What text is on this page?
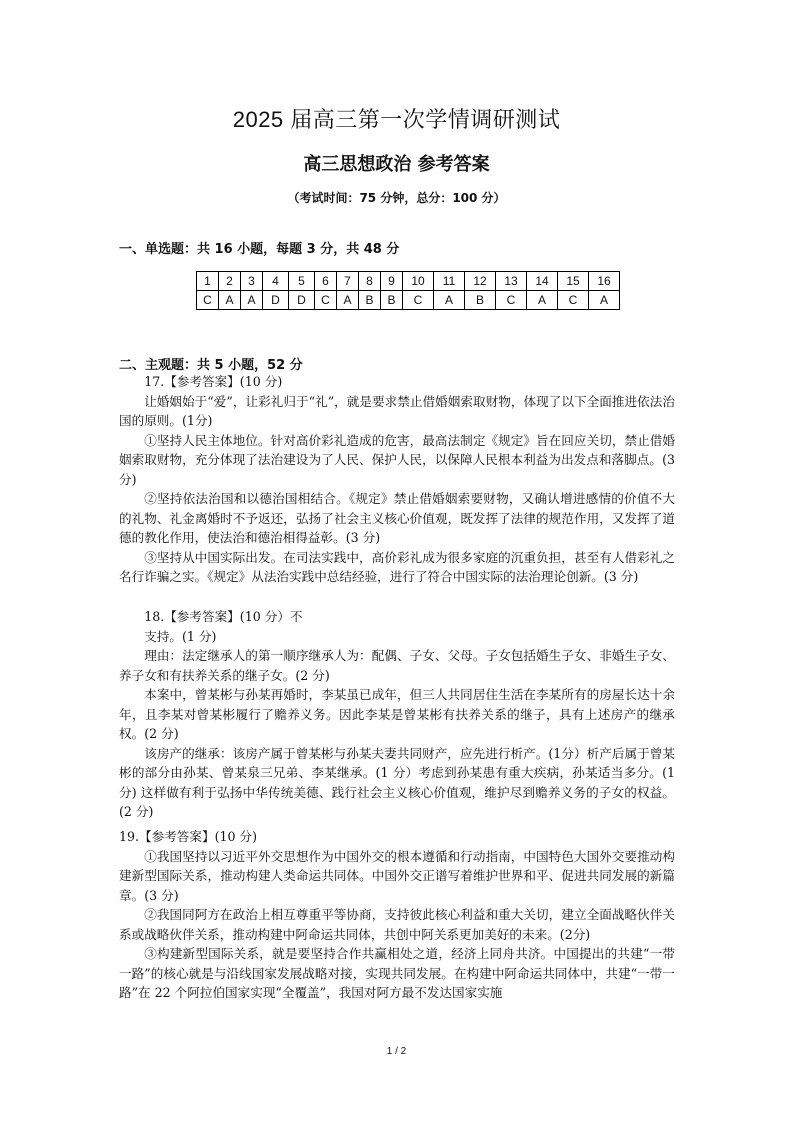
2025 届高三第一次学情调研测试
高三思想政治 参考答案
（考试时间：75 分钟，总分：100 分）
一、单选题：共 16 小题，每题 3 分，共 48 分
1	2	3	4	5	6	7	8	9	10	11	12	13	14	15	16
C	A	A	D	D	C	A	B	B	C	A	B	C	A	C	A
二、主观题：共 5 小题，52 分

17.【参考答案】(10 分)

让婚姻始于“爱”，让彩礼归于“礼”，就是要求禁止借婚姻索取财物，体现了以下全面推进依法治国的原则。(1分)

①坚持人民主体地位。针对高价彩礼造成的危害，最高法制定《规定》旨在回应关切，禁止借婚姻索取财物，充分体现了法治建设为了人民、保护人民，以保障人民根本利益为出发点和落脚点。(3 分)

②坚持依法治国和以德治国相结合。《规定》禁止借婚姻索要财物，又确认增进感情的价值不大的礼物、礼金离婚时不予返还，弘扬了社会主义核心价值观，既发挥了法律的规范作用，又发挥了道德的教化作用，使法治和德治相得益彰。(3 分)

③坚持从中国实际出发。在司法实践中，高价彩礼成为很多家庭的沉重负担，甚至有人借彩礼之名行诈骗之实。《规定》从法治实践中总结经验，进行了符合中国实际的法治理论创新。(3 分)

18.【参考答案】(10 分）不

支持。(1 分)

理由：法定继承人的第一顺序继承人为：配偶、子女、父母。子女包括婚生子女、非婚生子女、养子女和有扶养关系的继子女。(2 分)

本案中，曾某彬与孙某再婚时，李某虽已成年，但三人共同居住生活在李某所有的房屋长达十余年，且李某对曾某彬履行了赡养义务。因此李某是曾某彬有扶养关系的继子，具有上述房产的继承权。(2 分)

该房产的继承：该房产属于曾某彬与孙某夫妻共同财产，应先进行析产。(1分）析产后属于曾某彬的部分由孙某、曾某泉三兄弟、李某继承。(1 分）考虑到孙某患有重大疾病，孙某适当多分。(1分) 这样做有利于弘扬中华传统美德、践行社会主义核心价值观，维护尽到赡养义务的子女的权益。(2 分)

19.【参考答案】(10 分)

①我国坚持以习近平外交思想作为中国外交的根本遵循和行动指南，中国特色大国外交要推动构建新型国际关系，推动构建人类命运共同体。中国外交正谱写着维护世界和平、促进共同发展的新篇章。(3 分)

②我国同阿方在政治上相互尊重平等协商，支持彼此核心利益和重大关切，建立全面战略伙伴关系或战略伙伴关系，推动构建中阿命运共同体，共创中阿关系更加美好的未来。(2分)

③构建新型国际关系，就是要坚持合作共赢相处之道，经济上同舟共济。中国提出的共建“一带一路”的核心就是与沿线国家发展战略对接，实现共同发展。在构建中阿命运共同体中，共建“一带一路”在 22 个阿拉伯国家实现“全覆盖”，我国对阿方最不发达国家实施

1 / 2
